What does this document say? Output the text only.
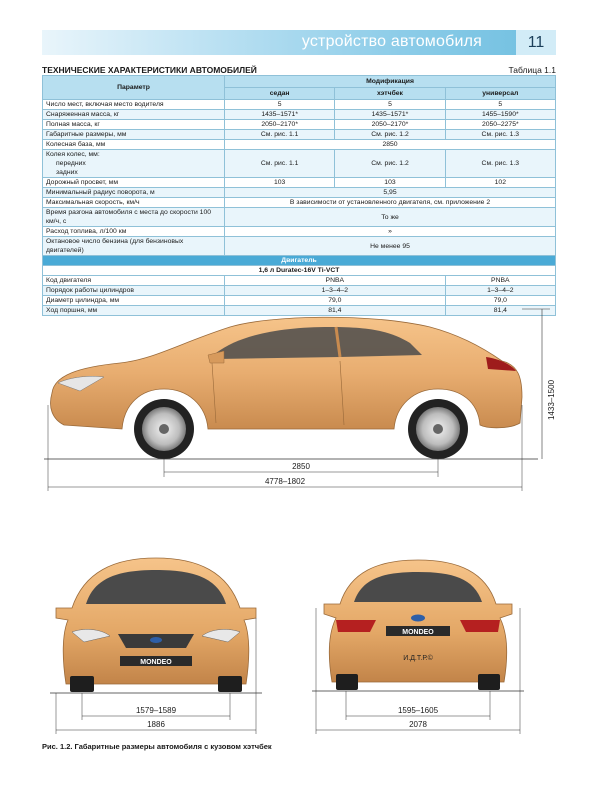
устройство автомобиля	11
ТЕХНИЧЕСКИЕ ХАРАКТЕРИСТИКИ АВТОМОБИЛЕЙ	Таблица 1.1
Параметр	Модификация		
	седан	хэтчбек	универсал
Число мест, включая место водителя	5	5	5
Снаряженная масса, кг	1435–1571*	1435–1571*	1455–1590*
Полная масса, кг	2050–2170*	2050–2170*	2050–2275*
Габаритные размеры, мм	См. рис. 1.1	См. рис. 1.2	См. рис. 1.3
Колесная база, мм	2850		

Колея колес, мм:
передних
задних	См. рис. 1.1	См. рис. 1.2	См. рис. 1.3
Дорожный просвет, мм	103	103	102
Минимальный радиус поворота, м	5,95		
Максимальная скорость, км/ч	В зависимости от установленного двигателя, см. приложение 2		
Время разгона автомобиля с места до скорости 100 км/ч, с	То же		
Расход топлива, л/100 км	»		
Октановое число бензина (для бензиновых двигателей)	Не менее 95		
Двигатель			
1,6 л Duratec-16V Ti-VCT			
Код двигателя	PNBA		PNBA
Порядок работы цилиндров	1–3–4–2		1–3–4–2
Диаметр цилиндра, мм	79,0		79,0
Ход поршня, мм	81,4		81,4
1433–1500
2850
4778–1802
MONDEO
1579–1589
1886
MONDEO
И.Д.Т.Р.©
1595–1605
2078
Рис. 1.2. Габаритные размеры автомобиля с кузовом хэтчбек
